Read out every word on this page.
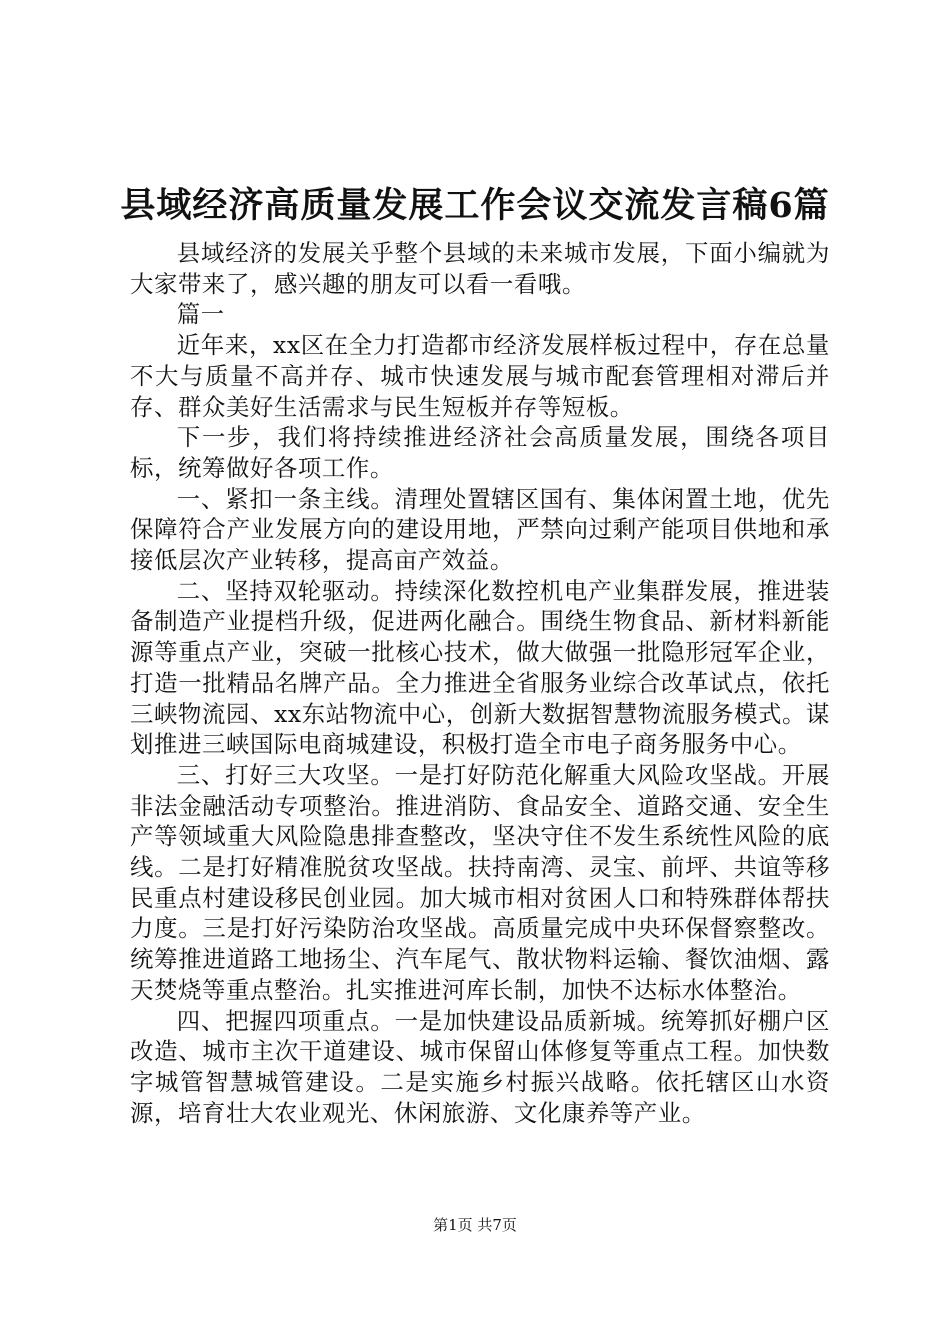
县域经济高质量发展工作会议交流发言稿6篇

县域经济的发展关乎整个县域的未来城市发展，下面小编就为大家带来了，感兴趣的朋友可以看一看哦。

篇一

近年来，xx区在全力打造都市经济发展样板过程中，存在总量不大与质量不高并存、城市快速发展与城市配套管理相对滞后并存、群众美好生活需求与民生短板并存等短板。

下一步，我们将持续推进经济社会高质量发展，围绕各项目标，统筹做好各项工作。

一、紧扣一条主线。清理处置辖区国有、集体闲置土地，优先保障符合产业发展方向的建设用地，严禁向过剩产能项目供地和承接低层次产业转移，提高亩产效益。

二、坚持双轮驱动。持续深化数控机电产业集群发展，推进装备制造产业提档升级，促进两化融合。围绕生物食品、新材料新能源等重点产业，突破一批核心技术，做大做强一批隐形冠军企业，打造一批精品名牌产品。全力推进全省服务业综合改革试点，依托三峡物流园、xx东站物流中心，创新大数据智慧物流服务模式。谋划推进三峡国际电商城建设，积极打造全市电子商务服务中心。

三、打好三大攻坚。一是打好防范化解重大风险攻坚战。开展非法金融活动专项整治。推进消防、食品安全、道路交通、安全生产等领域重大风险隐患排查整改，坚决守住不发生系统性风险的底线。二是打好精准脱贫攻坚战。扶持南湾、灵宝、前坪、共谊等移民重点村建设移民创业园。加大城市相对贫困人口和特殊群体帮扶力度。三是打好污染防治攻坚战。高质量完成中央环保督察整改。统筹推进道路工地扬尘、汽车尾气、散状物料运输、餐饮油烟、露天焚烧等重点整治。扎实推进河库长制，加快不达标水体整治。

四、把握四项重点。一是加快建设品质新城。统筹抓好棚户区改造、城市主次干道建设、城市保留山体修复等重点工程。加快数字城管智慧城管建设。二是实施乡村振兴战略。依托辖区山水资源，培育壮大农业观光、休闲旅游、文化康养等产业。

第1页 共7页
